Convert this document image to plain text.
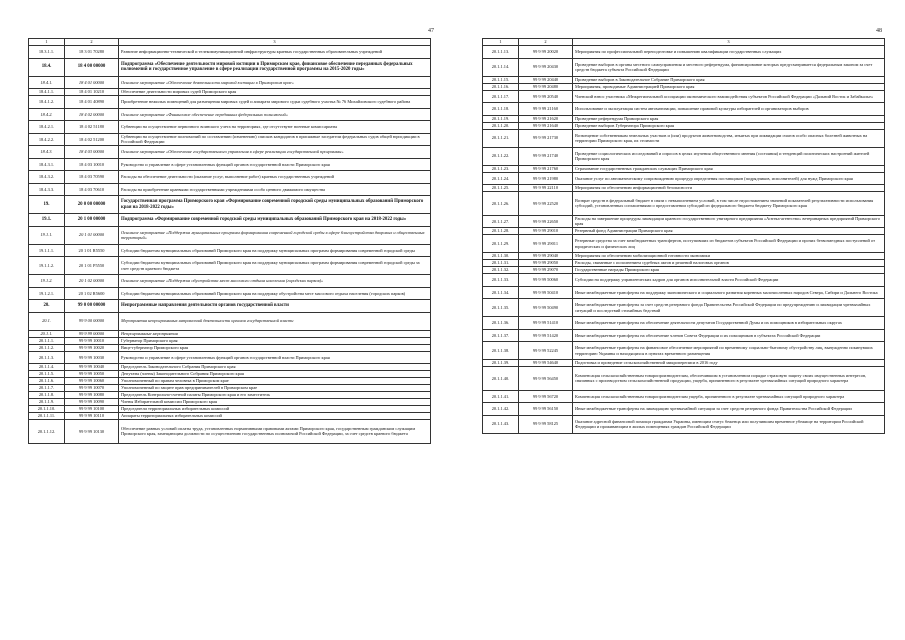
47	48
1	2	3
18.3.1.1.	18 3 01 70280	Развитие информационно-технической и телекоммуникационной инфраструктуры краевых государственных образовательных учреждений
18.4.	18 4 00 00000	Подпрограмма «Обеспечение деятельности мировой юстиции в Приморском крае, финансовое обеспечение переданных федеральных полномочий и государственное управление в сфере реализации государственной программы на 2015-2020 годы»
18.4.1.	18 4 01 00000	Основное мероприятие «Обеспечение деятельности мировой юстиции в Приморском крае»
18.4.1.1.	18 4 01 10210	Обеспечение деятельности мировых судей Приморского края
18.4.1.2.	18 4 01 40890	Приобретение нежилых помещений для размещения мировых судей и аппарата мирового судьи судебного участка № 76 Михайловского судебного района
18.4.2.	18 4 02 00000	Основное мероприятие «Финансовое обеспечение переданных федеральных полномочий»
18.4.2.1.	18 4 02 51180	Субвенции на осуществление первичного воинского учета на территориях, где отсутствуют военные комиссариаты
18.4.2.2.	18 4 02 51200	Субвенции на осуществление полномочий по составлению (изменению) списков кандидатов в присяжные заседатели федеральных судов общей юрисдикции в Российской Федерации
18.4.3.	18 4 03 00000	Основное мероприятие «Обеспечение государственного управления в сфере реализации государственной программы»
18.4.3.1.	18 4 03 10010	Руководство и управление в сфере установленных функций органов государственной власти Приморского края
18.4.3.2.	18 4 03 70590	Расходы на обеспечение деятельности (оказание услуг, выполнение работ) краевых государственных учреждений
18.4.3.3.	18 4 03 70610	Расходы на приобретение краевыми государственными учреждениями особо ценного движимого имущества
19.	20 0 00 00000	Государственная программа Приморского края «Формирование современной городской среды муниципальных образований Приморского края на 2018-2022 годы»
19.1.	20 1 00 00000	Подпрограмма «Формирование современной городской среды муниципальных образований Приморского края на 2018-2022 годы»
19.1.1.	20 1 01 00000	Основное мероприятие «Поддержка муниципальных программ формирования современной городской среды в сфере благоустройства дворовых и общественных территорий»
19.1.1.1.	20 1 01 R5550	Субсидии бюджетам муниципальных образований Приморского края на поддержку муниципальных программ формирования современной городской среды
19.1.1.2.	20 1 01 P5550	Субсидии бюджетам муниципальных образований Приморского края на поддержку муниципальных программ формирования современной городской среды за счет средств краевого бюджета
19.1.2.	20 1 02 00000	Основное мероприятие «Поддержка обустройства мест массового отдыха населения (городских парков)»
19.1.2.1.	20 1 02 R5600	Субсидии бюджетам муниципальных образований Приморского края на поддержку обустройства мест массового отдыха населения (городских парков)
20.	99 0 00 00000	Непрограммные направления деятельности органов государственной власти
20.1.	99 9 00 00000	Мероприятия непрограммных направлений деятельности органов государственной власти
20.1.1.	99 9 99 00000	Непрограммные мероприятия
20.1.1.1.	99 9 99 10010	Губернатор Приморского края
20.1.1.2.	99 9 99 10020	Вице-губернатор Приморского края
20.1.1.3.	99 9 99 10030	Руководство и управление в сфере установленных функций органов государственной власти Приморского края
20.1.1.4.	99 9 99 10040	Председатель Законодательного Собрания Приморского края
20.1.1.5.	99 9 99 10050	Депутаты (члены) Законодательного Собрания Приморского края
20.1.1.6.	99 9 99 10060	Уполномоченный по правам человека в Приморском крае
20.1.1.7.	99 9 99 10070	Уполномоченный по защите прав предпринимателей в Приморском крае
20.1.1.8.	99 9 99 10080	Председатель Контрольно-счетной палаты Приморского края и его заместитель
20.1.1.9.	99 9 99 10090	Члены Избирательной комиссии Приморского края
20.1.1.10.	99 9 99 10100	Председатели территориальных избирательных комиссий
20.1.1.11.	99 9 99 10110	Аппараты территориальных избирательных комиссий
20.1.1.12.	99 9 99 10130	Обеспечение равных условий оплаты труда, установленных нормативными правовыми актами Приморского края, государственным гражданским служащим Приморского края, замещающим должности по осуществлению государственных полномочий Российской Федерации, за счет средств краевого бюджета
1	2	3
20.1.1.13.	99 9 99 20020	Мероприятия по профессиональной переподготовке и повышению квалификации государственных служащих
20.1.1.14.	99 9 99 20430	Проведение выборов в органы местного самоуправления и местного референдума, финансирование которых предусматривается федеральным законом за счет средств бюджета субъекта Российской Федерации
20.1.1.15.	99 9 99 20440	Проведение выборов в Законодательное Собрание Приморского края
20.1.1.16.	99 9 99 20480	Мероприятия, проводимые Администрацией Приморского края
20.1.1.17.	99 9 99 20540	Членский взнос участника «Межрегиональной ассоциации экономического взаимодействия субъектов Российской Федерации «Дальний Восток и Забайкалье»
20.1.1.18.	99 9 99 21160	Использование и эксплуатация систем автоматизации, повышение правовой культуры избирателей и организаторов выборов
20.1.1.19.	99 9 99 21620	Проведение референдума Приморского края
20.1.1.20.	99 9 99 21640	Проведение выборов Губернатора Приморского края
20.1.1.21.	99 9 99 21730	Возмещение собственникам земельных участков и (или) продуктов животноводства, изъятых при ликвидации очагов особо опасных болезней животных на территории Приморского края, их стоимости
20.1.1.22.	99 9 99 21740	Проведение социологических исследований и опросов в целях изучения общественного мнения (состояния) и тенденций политических настроений жителей Приморского края
20.1.1.23.	99 9 99 21760	Страхование государственных гражданских служащих Приморского края
20.1.1.24.	99 9 99 21980	Оказание услуг по автоматическому сопровождению процедур определения поставщиков (подрядчиков, исполнителей) для нужд Приморского края
20.1.1.25.	99 9 99 22110	Мероприятия по обеспечению информационной безопасности
20.1.1.26.	99 9 99 22520	Возврат средств в федеральный бюджет в связи с невыполнением условий, в том числе недостижением значений показателей результативности использования субсидий, установленных соглашениями о предоставлении субсидий из федерального бюджета бюджету Приморского края
20.1.1.27.	99 9 99 22650	Расходы на завершение процедуры ликвидации краевого государственного унитарного предприятия «Аптека-агентство» ветеринарных предприятий Приморского края
20.1.1.28.	99 9 99 29010	Резервный фонд Администрации Приморского края
20.1.1.29.	99 9 99 29011	Резервные средства за счет межбюджетных трансфертов, поступивших из бюджетов субъектов Российской Федерации и прочих безвозмездных поступлений от юридических и физических лиц
20.1.1.30.	99 9 99 29040	Мероприятия по обеспечению мобилизационной готовности экономики
20.1.1.31.	99 9 99 29050	Расходы, связанные с исполнением судебных актов и решений налоговых органов
20.1.1.32.	99 9 99 29070	Государственные награды Приморского края
20.1.1.33.	99 9 99 50060	Субсидии на поддержку управленческих кадров для органов исполнительной власти Российской Федерации
20.1.1.34.	99 9 99 50410	Иные межбюджетные трансферты на поддержку экономического и социального развития коренных малочисленных народов Севера, Сибири и Дальнего Востока
20.1.1.35.	99 9 99 50490	Иные межбюджетные трансферты за счет средств резервного фонда Правительства Российской Федерации по предупреждению и ликвидации чрезвычайных ситуаций и последствий стихийных бедствий
20.1.1.36.	99 9 99 51410	Иные межбюджетные трансферты на обеспечение деятельности депутатов Государственной Думы и их помощников в избирательных округах
20.1.1.37.	99 9 99 51420	Иные межбюджетные трансферты на обеспечение членов Совета Федерации и их помощников в субъектах Российской Федерации
20.1.1.38.	99 9 99 52245	Иные межбюджетные трансферты на финансовое обеспечение мероприятий по временному социально-бытовому обустройству лиц, вынужденно покинувших территорию Украины и находящихся в пунктах временного размещения
20.1.1.39.	99 9 99 54640	Подготовка и проведение сельскохозяйственной микропереписи в 2016 году
20.1.1.40.	99 9 99 56450	Компенсация сельскохозяйственным товаропроизводителям, обеспечившим в установленном порядке страховую защиту своих имущественных интересов, связанных с производством сельскохозяйственной продукции, ущерба, причиненного в результате чрезвычайных ситуаций природного характера
20.1.1.41.	99 9 99 56720	Компенсация сельскохозяйственным товаропроизводителям ущерба, причиненного в результате чрезвычайных ситуаций природного характера
20.1.1.42.	99 9 99 56150	Иные межбюджетные трансферты на ликвидацию чрезвычайной ситуации за счет средств резервного фонда Правительства Российской Федерации
20.1.1.43.	99 9 99 58125	Оказание адресной финансовой помощи гражданам Украины, имеющим статус беженца или получившим временное убежище на территории Российской Федерации и проживающим в жилых помещениях граждан Российской Федерации
